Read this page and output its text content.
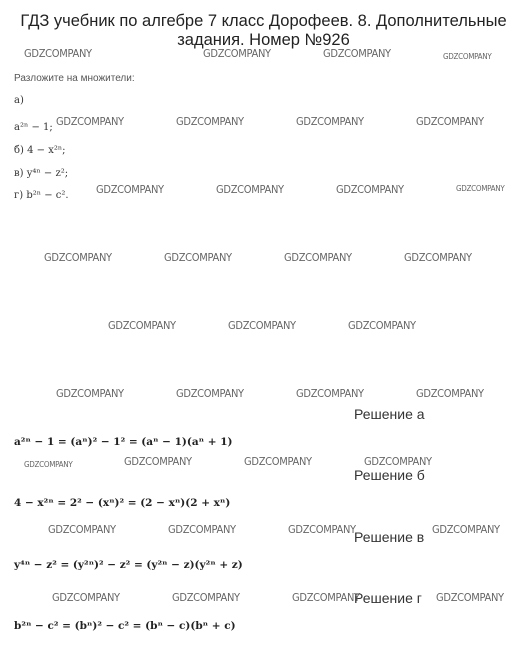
ГДЗ учебник по алгебре 7 класс Дорофеев. 8. Дополнительные задания. Номер №926
Разложите на множители:
а)
a²ⁿ − 1;
б) 4 − x²ⁿ;
в) y⁴ⁿ − z²;
г) b²ⁿ − c².
Решение а
a²ⁿ − 1 = (aⁿ)² − 1² = (aⁿ − 1)(aⁿ + 1)
Решение б
4 − x²ⁿ = 2² − (xⁿ)² = (2 − xⁿ)(2 + xⁿ)
Решение в
y⁴ⁿ − z² = (y²ⁿ)² − z² = (y²ⁿ − z)(y²ⁿ + z)
Решение г
b²ⁿ − c² = (bⁿ)² − c² = (bⁿ − c)(bⁿ + c)
GDZCOMPANY	GDZCOMPANY	GDZCOMPANY	GDZCOMPANY
GDZCOMPANY	GDZCOMPANY	GDZCOMPANY	GDZCOMPANY
GDZCOMPANY	GDZCOMPANY	GDZCOMPANY	GDZCOMPANY
GDZCOMPANY	GDZCOMPANY	GDZCOMPANY	GDZCOMPANY
GDZCOMPANY	GDZCOMPANY	GDZCOMPANY
GDZCOMPANY	GDZCOMPANY	GDZCOMPANY	GDZCOMPANY
GDZCOMPANY	GDZCOMPANY	GDZCOMPANY	GDZCOMPANY
GDZCOMPANY	GDZCOMPANY	GDZCOMPANY	GDZCOMPANY
GDZCOMPANY	GDZCOMPANY	GDZCOMPANY	GDZCOMPANY
